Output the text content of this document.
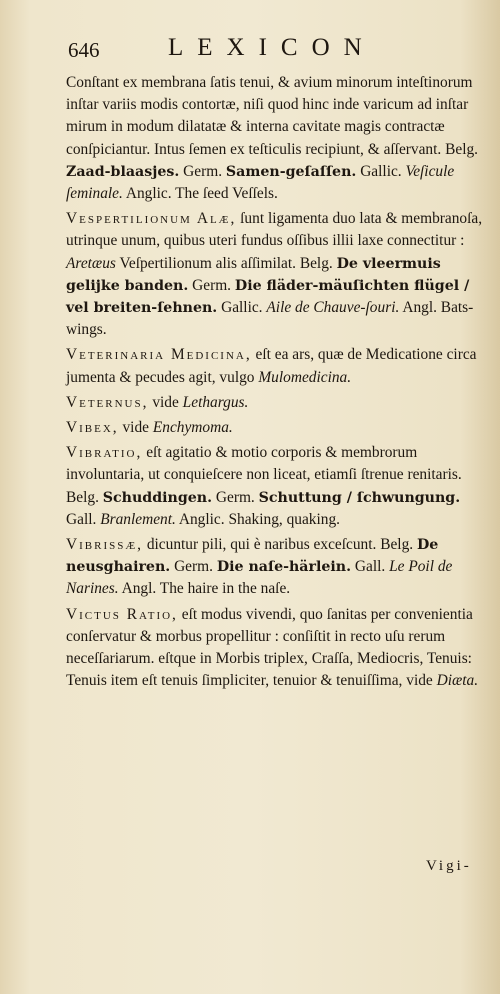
646	LEXICON

Conſtant ex membrana ſatis tenui, & avium minorum inteſtinorum inſtar variis modis contortæ, niſi quod hinc inde varicum ad inſtar mirum in modum dilatatæ & interna cavitate magis contractæ conſpiciantur. Intus ſemen ex teſticulis recipiunt, & aſſervant. Belg. Zaad-blaasjes. Germ. Samen-geſaſſen. Gallic. Veſicule ſeminale. Anglic. The ſeed Veſſels.

Vespertilionum Alæ, ſunt ligamenta duo lata & membranoſa, utrinque unum, quibus uteri fundus oſſibus illii laxe connectitur : Aretæus Veſpertilionum alis aſſimilat. Belg. De vleermuis gelijke banden. Germ. Die fläder-mäuſichten flügel / vel breiten-ſehnen. Gallic. Aile de Chauve-ſouri. Angl. Bats-wings.

Veterinaria Medicina, eſt ea ars, quæ de Medicatione circa jumenta & pecudes agit, vulgo Mulomedicina.

Veternus, vide Lethargus.

Vibex, vide Enchymoma.

Vibratio, eſt agitatio & motio corporis & membrorum involuntaria, ut conquieſcere non liceat, etiamſi ſtrenue renitaris. Belg. Schuddingen. Germ. Schuttung / ſchwungung. Gall. Branlement. Anglic. Shaking, quaking.

Vibrissæ, dicuntur pili, qui è naribus exceſcunt. Belg. De neusghairen. Germ. Die naſe-härlein. Gall. Le Poil de Narines. Angl. The haire in the naſe.

Victus Ratio, eſt modus vivendi, quo ſanitas per convenientia conſervatur & morbus propellitur : conſiſtit in recto uſu rerum neceſſariarum. eſtque in Morbis triplex, Craſſa, Mediocris, Tenuis: Tenuis item eſt tenuis ſimpliciter, tenuior & tenuiſſima, vide Diæta.

Vigi-
